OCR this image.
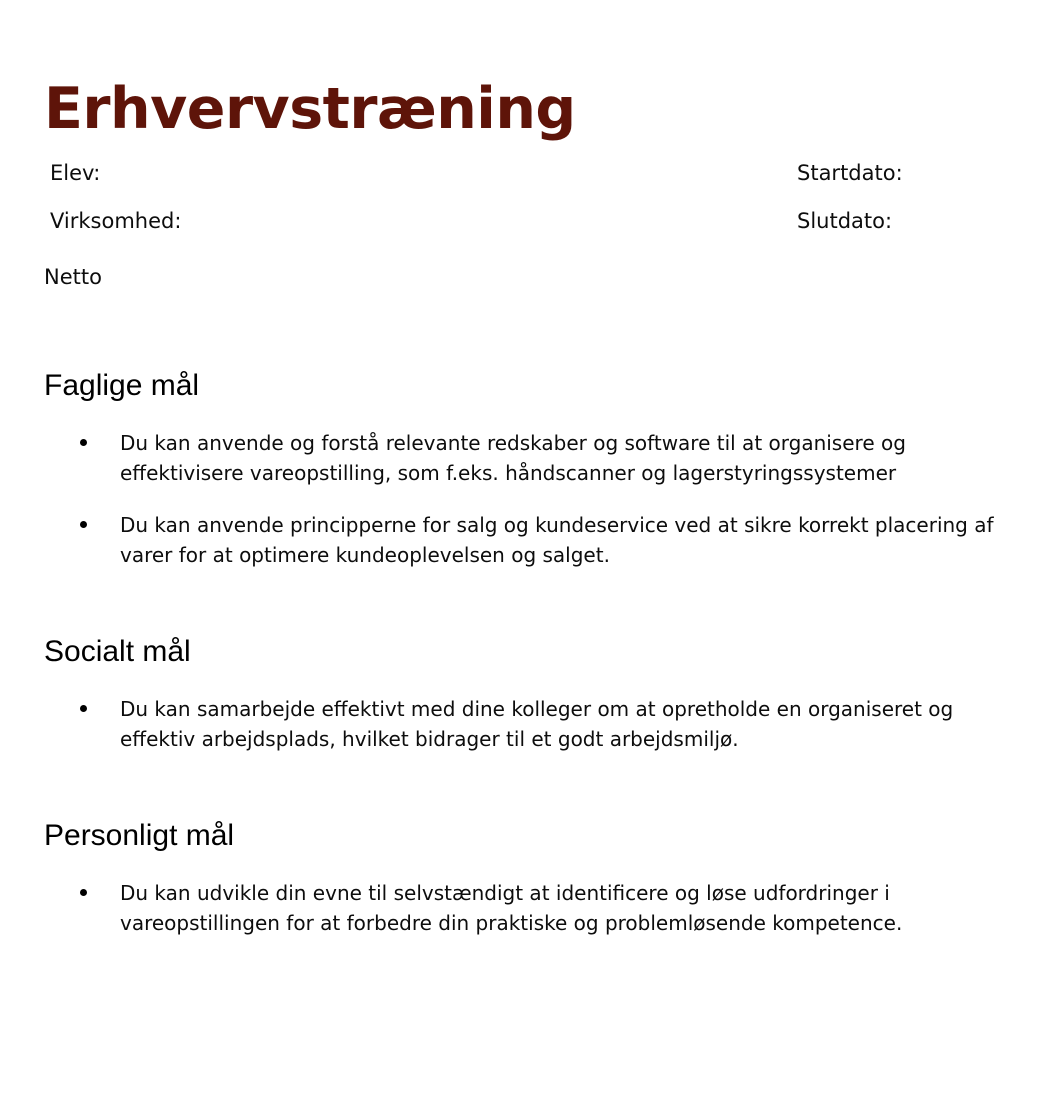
Erhvervstræning
Elev:	Startdato:
Virksomhed:	Slutdato:
Netto
Faglige mål
Du kan anvende og forstå relevante redskaber og software til at organisere og effektivisere vareopstilling, som f.eks. håndscanner og lagerstyringssystemer
Du kan anvende principperne for salg og kundeservice ved at sikre korrekt placering af varer for at optimere kundeoplevelsen og salget.
Socialt mål
Du kan samarbejde effektivt med dine kolleger om at opretholde en organiseret og effektiv arbejdsplads, hvilket bidrager til et godt arbejdsmiljø.
Personligt mål
Du kan udvikle din evne til selvstændigt at identificere og løse udfordringer i vareopstillingen for at forbedre din praktiske og problemløsende kompetence.
